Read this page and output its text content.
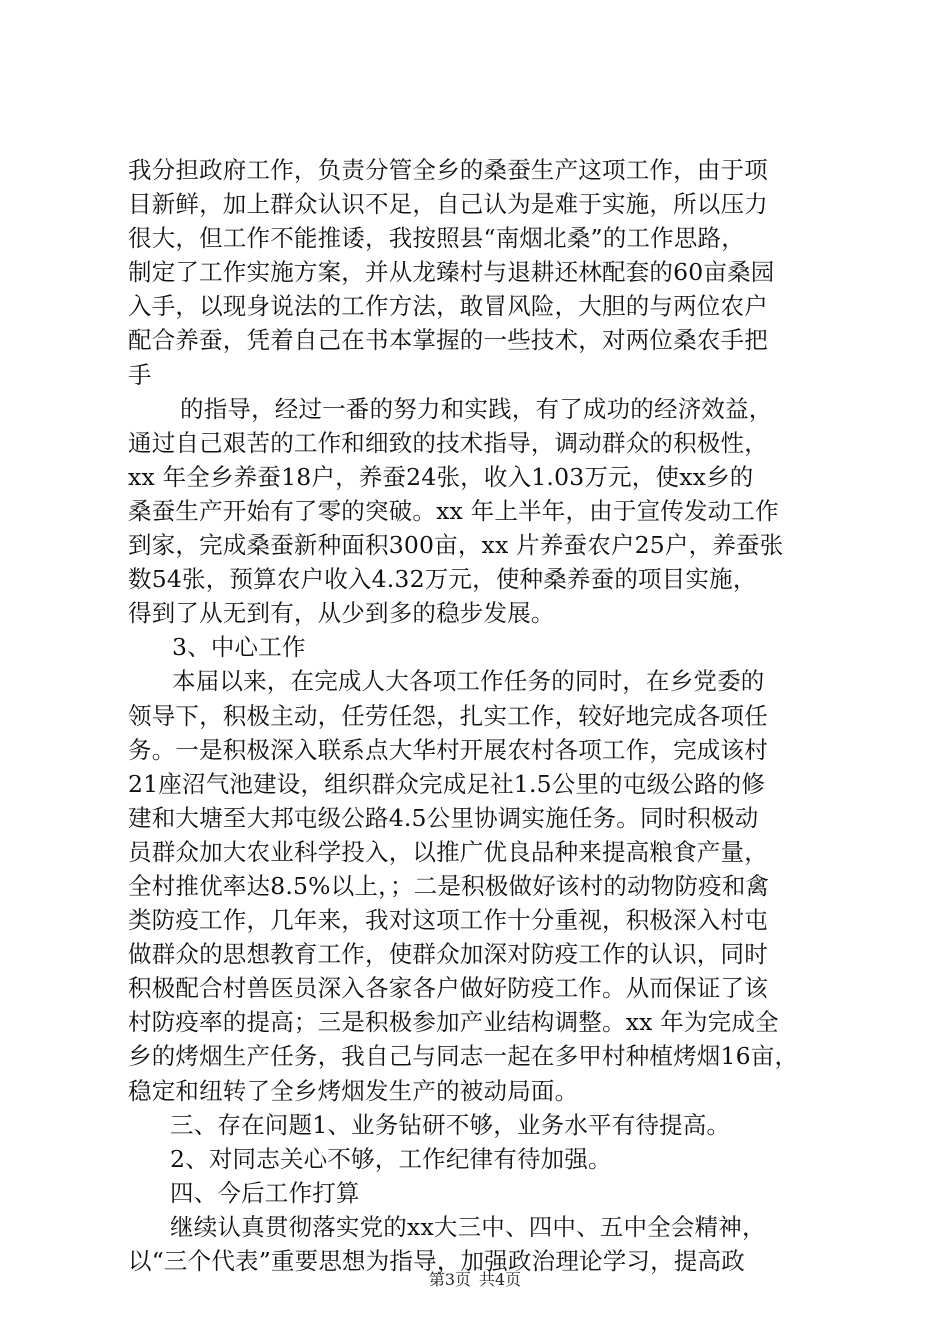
我分担政府工作，负责分管全乡的桑蚕生产这项工作，由于项
目新鲜，加上群众认识不足，自己认为是难于实施，所以压力
很大，但工作不能推诿，我按照县“南烟北桑”的工作思路，
制定了工作实施方案，并从龙臻村与退耕还林配套的60亩桑园
入手，以现身说法的工作方法，敢冒风险，大胆的与两位农户
配合养蚕，凭着自己在书本掌握的一些技术，对两位桑农手把
手
的指导，经过一番的努力和实践，有了成功的经济效益，
通过自己艰苦的工作和细致的技术指导，调动群众的积极性，
xx 年全乡养蚕18户，养蚕24张，收入1.03万元，使xx乡的
桑蚕生产开始有了零的突破。xx 年上半年，由于宣传发动工作
到家，完成桑蚕新种面积300亩，xx 片养蚕农户25户，养蚕张
数54张，预算农户收入4.32万元，使种桑养蚕的项目实施，
得到了从无到有，从少到多的稳步发展。
3、中心工作
本届以来，在完成人大各项工作任务的同时，在乡党委的
领导下，积极主动，任劳任怨，扎实工作，较好地完成各项任
务。一是积极深入联系点大华村开展农村各项工作，完成该村
21座沼气池建设，组织群众完成足社1.5公里的屯级公路的修
建和大塘至大邦屯级公路4.5公里协调实施任务。同时积极动
员群众加大农业科学投入，以推广优良品种来提高粮食产量，
全村推优率达8.5%以上，；二是积极做好该村的动物防疫和禽
类防疫工作，几年来，我对这项工作十分重视，积极深入村屯
做群众的思想教育工作，使群众加深对防疫工作的认识，同时
积极配合村兽医员深入各家各户做好防疫工作。从而保证了该
村防疫率的提高；三是积极参加产业结构调整。xx 年为完成全
乡的烤烟生产任务，我自己与同志一起在多甲村种植烤烟16亩，
稳定和纽转了全乡烤烟发生产的被动局面。
三、存在问题1、业务钻研不够，业务水平有待提高。
2、对同志关心不够，工作纪律有待加强。
四、今后工作打算
继续认真贯彻落实党的xx大三中、四中、五中全会精神，
以“三个代表”重要思想为指导，加强政治理论学习，提高政
第3页 共4页
